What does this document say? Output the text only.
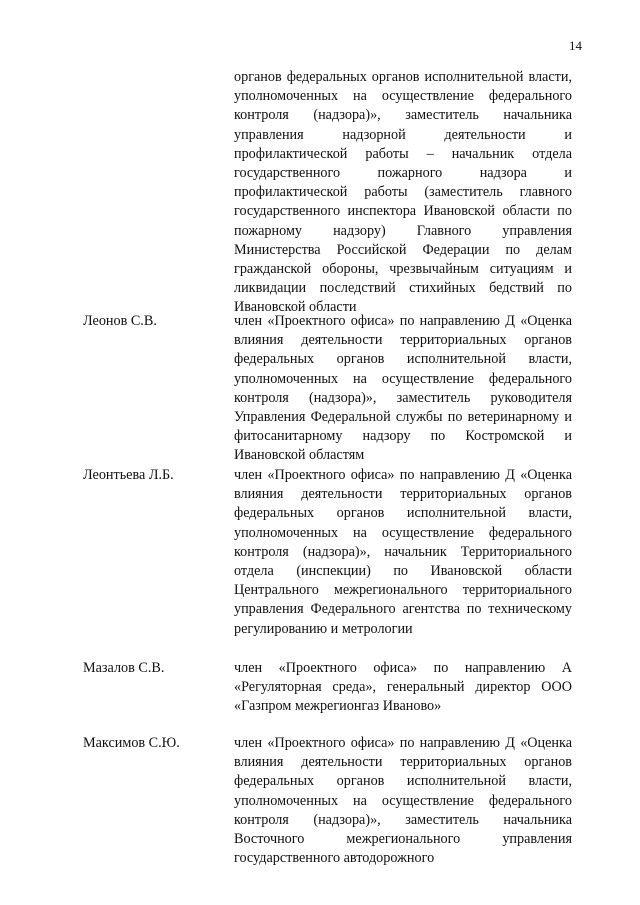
14

органов федеральных органов исполнительной власти, уполномоченных на осуществление федерального контроля (надзора)», заместитель начальника управления надзорной деятельности и профилактической работы – начальник отдела государственного пожарного надзора и профилактической работы (заместитель главного государственного инспектора Ивановской области по пожарному надзору) Главного управления Министерства Российской Федерации по делам гражданской обороны, чрезвычайным ситуациям и ликвидации последствий стихийных бедствий по Ивановской области

Леонов С.В.	член «Проектного офиса» по направлению Д «Оценка влияния деятельности территориальных органов федеральных органов исполнительной власти, уполномоченных на осуществление федерального контроля (надзора)», заместитель руководителя Управления Федеральной службы по ветеринарному и фитосанитарному надзору по Костромской и Ивановской областям

Леонтьева Л.Б.	член «Проектного офиса» по направлению Д «Оценка влияния деятельности территориальных органов федеральных органов исполнительной власти, уполномоченных на осуществление федерального контроля (надзора)», начальник Территориального отдела (инспекции) по Ивановской области Центрального межрегионального территориального управления Федерального агентства по техническому регулированию и метрологии

Мазалов С.В.	член «Проектного офиса» по направлению А «Регуляторная среда», генеральный директор ООО «Газпром межрегионгаз Иваново»

Максимов С.Ю.	член «Проектного офиса» по направлению Д «Оценка влияния деятельности территориальных органов федеральных органов исполнительной власти, уполномоченных на осуществление федерального контроля (надзора)», заместитель начальника Восточного межрегионального управления государственного автодорожного
